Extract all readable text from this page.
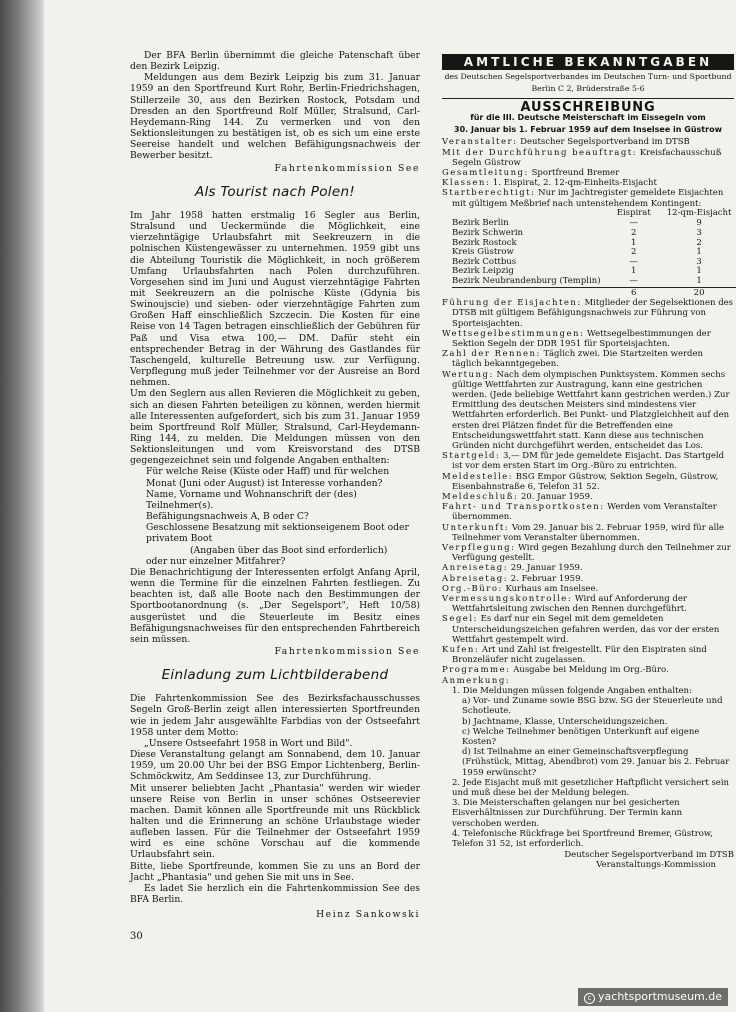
Der BFA Berlin übernimmt die gleiche Patenschaft über den Bezirk Leipzig.

Meldungen aus dem Bezirk Leipzig bis zum 31. Januar 1959 an den Sportfreund Kurt Rohr, Berlin-Friedrichshagen, Stillerzeile 30, aus den Bezirken Rostock, Potsdam und Dresden an den Sportfreund Rolf Müller, Stralsund, Carl-Heydemann-Ring 144. Zu vermerken und von den Sektionsleitungen zu bestätigen ist, ob es sich um eine erste Seereise handelt und welchen Befähigungsnachweis der Bewerber besitzt.

Fahrtenkommission See

Als Tourist nach Polen!

Im Jahr 1958 hatten erstmalig 16 Segler aus Berlin, Stralsund und Ueckermünde die Möglichkeit, eine vierzehntägige Urlaubsfahrt mit Seekreuzern in die polnischen Küstengewässer zu unternehmen. 1959 gibt uns die Abteilung Touristik die Möglichkeit, in noch größerem Umfang Urlaubsfahrten nach Polen durchzuführen. Vorgesehen sind im Juni und August vierzehntägige Fahrten mit Seekreuzern an die polnische Küste (Gdynia bis Swinoujscie) und sieben- oder vierzehntägige Fahrten zum Großen Haff einschließlich Szczecin. Die Kosten für eine Reise von 14 Tagen betragen einschließlich der Gebühren für Paß und Visa etwa 100,— DM. Dafür steht ein entsprechender Betrag in der Währung des Gastlandes für Taschengeld, kulturelle Betreuung usw. zur Verfügung. Verpflegung muß jeder Teilnehmer vor der Ausreise an Bord nehmen.

Um den Seglern aus allen Revieren die Möglichkeit zu geben, sich an diesen Fahrten beteiligen zu können, werden hiermit alle Interessenten aufgefordert, sich bis zum 31. Januar 1959 beim Sportfreund Rolf Müller, Stralsund, Carl-Heydemann-Ring 144, zu melden. Die Meldungen müssen von den Sektionsleitungen und vom Kreisvorstand des DTSB gegengezeichnet sein und folgende Angaben enthalten:

Für welche Reise (Küste oder Haff) und für welchen Monat (Juni oder August) ist Interesse vorhanden?

Name, Vorname und Wohnanschrift der (des) Teilnehmer(s).

Befähigungsnachweis A, B oder C?

Geschlossene Besatzung mit sektionseigenem Boot oder privatem Boot

(Angaben über das Boot sind erforderlich)

oder nur einzelner Mitfahrer?

Die Benachrichtigung der Interessenten erfolgt Anfang April, wenn die Termine für die einzelnen Fahrten festliegen. Zu beachten ist, daß alle Boote nach den Bestimmungen der Sportbootanordnung (s. „Der Segelsport", Heft 10/58) ausgerüstet und die Steuerleute im Besitz eines Befähigungsnachweises für den entsprechenden Fahrtbereich sein müssen.

Fahrtenkommission See

Einladung zum Lichtbilderabend

Die Fahrtenkommission See des Bezirksfachausschusses Segeln Groß-Berlin zeigt allen interessierten Sportfreunden wie in jedem Jahr ausgewählte Farbdias von der Ostseefahrt 1958 unter dem Motto:

„Unsere Ostseefahrt 1958 in Wort und Bild".

Diese Veranstaltung gelangt am Sonnabend, dem 10. Januar 1959, um 20.00 Uhr bei der BSG Empor Lichtenberg, Berlin-Schmöckwitz, Am Seddinsee 13, zur Durchführung.

Mit unserer beliebten Jacht „Phantasia" werden wir wieder unsere Reise von Berlin in unser schönes Ostseerevier machen. Damit können alle Sportfreunde mit uns Rückblick halten und die Erinnerung an schöne Urlaubstage wieder aufleben lassen. Für die Teilnehmer der Ostseefahrt 1959 wird es eine schöne Vorschau auf die kommende Urlaubsfahrt sein.

Bitte, liebe Sportfreunde, kommen Sie zu uns an Bord der Jacht „Phantasia" und gehen Sie mit uns in See.

Es ladet Sie herzlich ein die Fahrtenkommission See des BFA Berlin.

Heinz Sankowski

AMTLICHE BEKANNTGABEN
des Deutschen Segelsportverbandes im Deutschen Turn- und Sportbund
Berlin C 2, Brüderstraße 5-6
AUSSCHREIBUNG
für die III. Deutsche Meisterschaft im Eissegeln vom
30. Januar bis 1. Februar 1959 auf dem Inselsee in Güstrow

Veranstalter: Deutscher Segelsportverband im DTSB

Mit der Durchführung beauftragt: Kreisfachausschuß Segeln Güstrow

Gesamtleitung: Sportfreund Bremer

Klassen: 1. Eispirat, 2. 12-qm-Einheits-Eisjacht

Startberechtigt: Nur im Jachtregister gemeldete Eisjachten mit gültigem Meßbrief nach untenstehendem Kontingent:

	Eispirat	12-qm-Eisjacht
Bezirk Berlin	—	9
Bezirk Schwerin	2	3
Bezirk Rostock	1	2
Kreis Güstrow	2	1
Bezirk Cottbus	—	3
Bezirk Leipzig	1	1
Bezirk Neubrandenburg (Templin)	—	1
	6	20

Führung der Eisjachten: Mitglieder der Segelsektionen des DTSB mit gültigem Befähigungsnachweis zur Führung von Sporteisjachten.

Wettsegelbestimmungen: Wettsegelbestimmungen der Sektion Segeln der DDR 1951 für Sporteisjachten.

Zahl der Rennen: Täglich zwei. Die Startzeiten werden täglich bekanntgegeben.

Wertung: Nach dem olympischen Punktsystem. Kommen sechs gültige Wettfahrten zur Austragung, kann eine gestrichen werden. (Jede beliebige Wettfahrt kann gestrichen werden.) Zur Ermittlung des deutschen Meisters sind mindestens vier Wettfahrten erforderlich. Bei Punkt- und Platzgleichheit auf den ersten drei Plätzen findet für die Betreffenden eine Entscheidungswettfahrt statt. Kann diese aus technischen Gründen nicht durchgeführt werden, entscheidet das Los.

Startgeld: 3,— DM für jede gemeldete Eisjacht. Das Startgeld ist vor dem ersten Start im Org.-Büro zu entrichten.

Meldestelle: BSG Empor Güstrow, Sektion Segeln, Güstrow, Eisenbahnstraße 6, Telefon 31 52.

Meldeschluß: 20. Januar 1959.

Fahrt- und Transportkosten: Werden vom Veranstalter übernommen.

Unterkunft: Vom 29. Januar bis 2. Februar 1959, wird für alle Teilnehmer vom Veranstalter übernommen.

Verpflegung: Wird gegen Bezahlung durch den Teilnehmer zur Verfügung gestellt.

Anreisetag: 29. Januar 1959.

Abreisetag: 2. Februar 1959.

Org.-Büro: Kurhaus am Inselsee.

Vermessungskontrolle: Wird auf Anforderung der Wettfahrtsleitung zwischen den Rennen durchgeführt.

Segel: Es darf nur ein Segel mit dem gemeldeten Unterscheidungszeichen gefahren werden, das vor der ersten Wettfahrt gestempelt wird.

Kufen: Art und Zahl ist freigestellt. Für den Eispiraten sind Bronzeläufer nicht zugelassen.

Programme: Ausgabe bei Meldung im Org.-Büro.

Anmerkung:

1. Die Meldungen müssen folgende Angaben enthalten:

a) Vor- und Zuname sowie BSG bzw. SG der Steuerleute und Schotleute.

b) Jachtname, Klasse, Unterscheidungszeichen.

c) Welche Teilnehmer benötigen Unterkunft auf eigene Kosten?

d) Ist Teilnahme an einer Gemeinschaftsverpflegung (Frühstück, Mittag, Abendbrot) vom 29. Januar bis 2. Februar 1959 erwünscht?

2. Jede Eisjacht muß mit gesetzlicher Haftpflicht versichert sein und muß diese bei der Meldung belegen.

3. Die Meisterschaften gelangen nur bei gesicherten Eisverhältnissen zur Durchführung. Der Termin kann verschoben werden.

4. Telefonische Rückfrage bei Sportfreund Bremer, Güstrow, Telefon 31 52, ist erforderlich.

Deutscher Segelsportverband im DTSB

Veranstaltungs-Kommission

30
c yachtsportmuseum.de
